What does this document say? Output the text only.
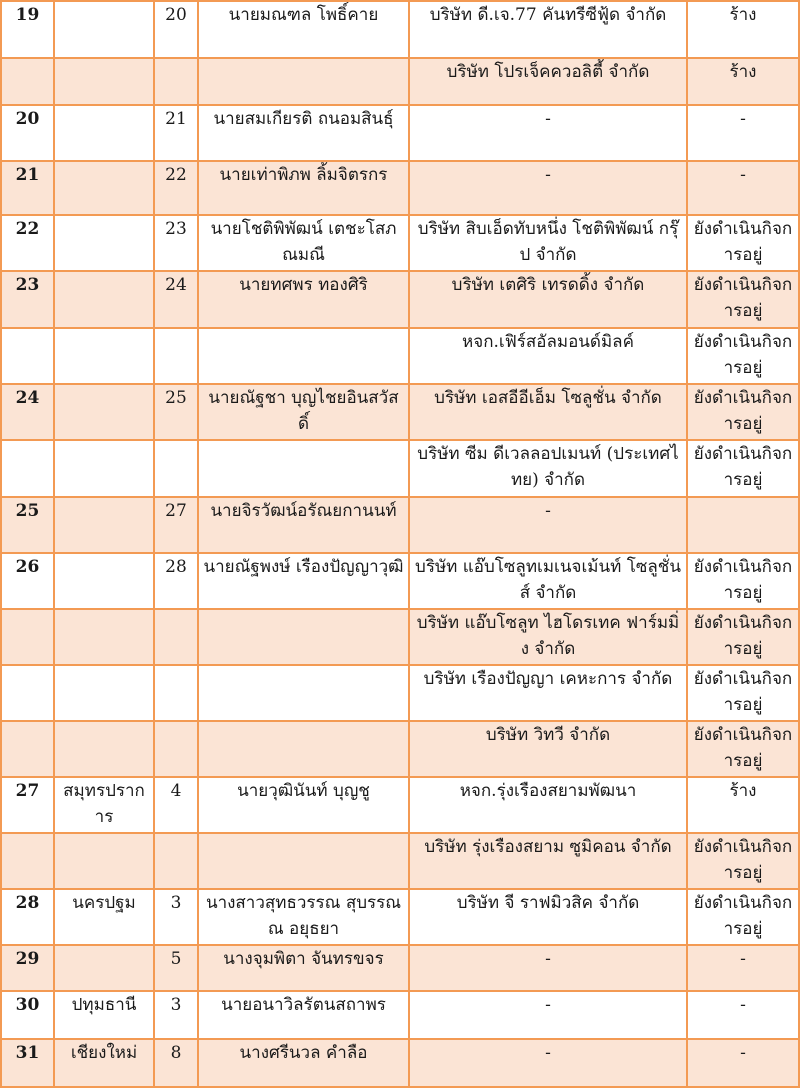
19		20	นายมณฑล โพธิ์คาย	บริษัท ดี.เจ.77 คันทรีซีฟู้ด จำกัด	ร้าง
				บริษัท โปรเจ็คควอลิตี้ จำกัด	ร้าง
20		21	นายสมเกียรติ ถนอมสินธุ์	-	-
21		22	นายเท่าพิภพ ลิ้มจิตรกร	-	-
22		23	นายโชติพิพัฒน์ เตชะโสภณมณี	บริษัท สิบเอ็ดทับหนึ่ง โชติพิพัฒน์ กรุ๊ป จำกัด	ยังดำเนินกิจการอยู่
23		24	นายทศพร ทองศิริ	บริษัท เตศิริ เทรดดิ้ง จำกัด	ยังดำเนินกิจการอยู่
				หจก.เฟิร์สอัลมอนด์มิลค์	ยังดำเนินกิจการอยู่
24		25	นายณัฐชา บุญไชยอินสวัสดิ์	บริษัท เอสอีอีเอ็ม โซลูชั่น จำกัด	ยังดำเนินกิจการอยู่
				บริษัท ซีม ดีเวลลอปเมนท์ (ประเทศไทย) จำกัด	ยังดำเนินกิจการอยู่
25		27	นายจิรวัฒน์อรัณยกานนท์	-	
26		28	นายณัฐพงษ์ เรืองปัญญาวุฒิ	บริษัท แอ๊บโซลูทเมเนจเม้นท์ โซลูชั่นส์ จำกัด	ยังดำเนินกิจการอยู่
				บริษัท แอ๊บโซลูท ไฮโดรเทค ฟาร์มมิ่ง จำกัด	ยังดำเนินกิจการอยู่
				บริษัท เรืองปัญญา เคหะการ จำกัด	ยังดำเนินกิจการอยู่
				บริษัท วิทวี จำกัด	ยังดำเนินกิจการอยู่
27	สมุทรปราการ	4	นายวุฒินันท์ บุญชู	หจก.รุ่งเรืองสยามพัฒนา	ร้าง
				บริษัท รุ่งเรืองสยาม ซูมิคอน จำกัด	ยังดำเนินกิจการอยู่
28	นครปฐม	3	นางสาวสุทธวรรณ สุบรรณ ณ อยุธยา	บริษัท จี ราฟมิวสิค จำกัด	ยังดำเนินกิจการอยู่
29		5	นางจุมพิตา จันทรขจร	-	-
30	ปทุมธานี	3	นายอนาวิลรัตนสถาพร	-	-
31	เชียงใหม่	8	นางศรีนวล คำลือ	-	-
